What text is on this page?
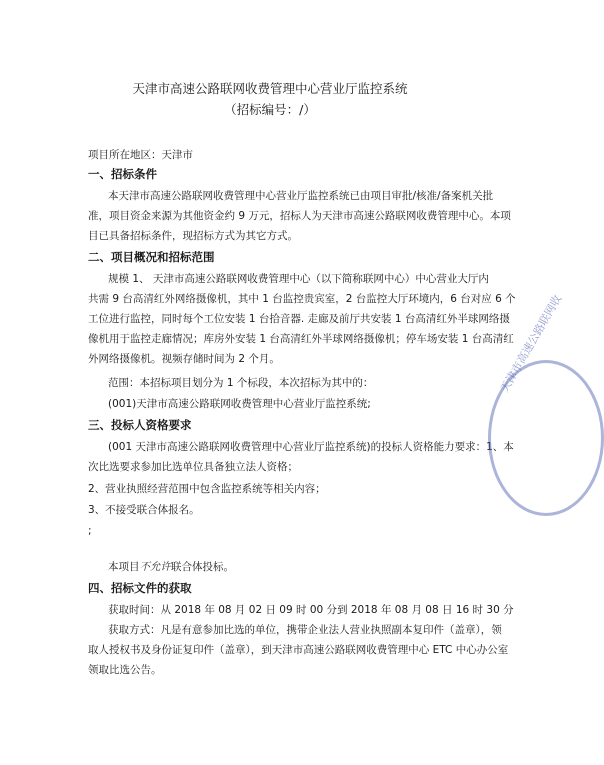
天津市高速公路联网收费管理中心营业厅监控系统
（招标编号：/）
项目所在地区：天津市
一、招标条件
本天津市高速公路联网收费管理中心营业厅监控系统已由项目审批/核准/备案机关批
准，项目资金来源为其他资金约 9 万元，招标人为天津市高速公路联网收费管理中心。本项
目已具备招标条件，现招标方式为其它方式。
二、项目概况和招标范围
规模 1、 天津市高速公路联网收费管理中心（以下简称联网中心）中心营业大厅内
共需 9 台高清红外网络摄像机，其中 1 台监控贵宾室，2 台监控大厅环境内，6 台对应 6 个
工位进行监控，同时每个工位安装 1 台拾音器. 走廊及前厅共安装 1 台高清红外半球网络摄
像机用于监控走廊情况；库房外安装 1 台高清红外半球网络摄像机；停车场安装 1 台高清红
外网络摄像机。视频存储时间为 2 个月。
范围：本招标项目划分为 1 个标段，本次招标为其中的：
(001)天津市高速公路联网收费管理中心营业厅监控系统;
三、投标人资格要求
(001 天津市高速公路联网收费管理中心营业厅监控系统)的投标人资格能力要求：1、本
次比选要求参加比选单位具备独立法人资格；
2、营业执照经营范围中包含监控系统等相关内容；
3、不接受联合体报名。
;
本项目不允许联合体投标。
四、招标文件的获取
获取时间：从 2018 年 08 月 02 日 09 时 00 分到 2018 年 08 月 08 日 16 时 30 分
获取方式：凡是有意参加比选的单位，携带企业法人营业执照副本复印件（盖章），领
取人授权书及身份证复印件（盖章），到天津市高速公路联网收费管理中心 ETC 中心办公室
领取比选公告。
天津市高速公路联网收
